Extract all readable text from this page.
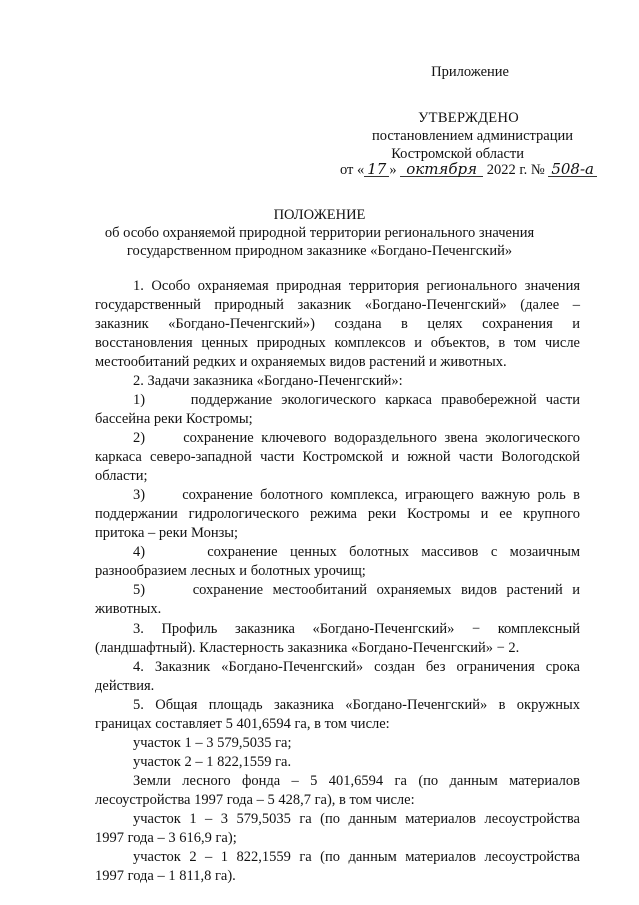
Приложение
УТВЕРЖДЕНО
постановлением администрации
Костромской области
от « 17 » октября 2022 г. № 508-а
ПОЛОЖЕНИЕ
об особо охраняемой природной территории регионального значения
государственном природном заказнике «Богдано-Печенгский»
1. Особо охраняемая природная территория регионального значения
государственный природный заказник «Богдано-Печенгский» (далее –
заказник «Богдано-Печенгский») создана в целях сохранения и
восстановления ценных природных комплексов и объектов, в том числе
местообитаний редких и охраняемых видов растений и животных.
2. Задачи заказника «Богдано-Печенгский»:
1)     поддержание экологического каркаса правобережной части
бассейна реки Костромы;
2)     сохранение ключевого водораздельного звена экологического
каркаса северо-западной части Костромской и южной части Вологодской
области;
3)     сохранение болотного комплекса, играющего важную роль в
поддержании гидрологического режима реки Костромы и ее крупного
притока – реки Монзы;
4)     сохранение ценных болотных массивов с мозаичным
разнообразием лесных и болотных урочищ;
5)     сохранение местообитаний охраняемых видов растений и
животных.
3. Профиль заказника «Богдано-Печенгский» − комплексный
(ландшафтный). Кластерность заказника «Богдано-Печенгский» − 2.
4. Заказник «Богдано-Печенгский» создан без ограничения срока
действия.
5. Общая площадь заказника «Богдано-Печенгский» в окружных
границах составляет 5 401,6594 га, в том числе:
участок 1 – 3 579,5035 га;
участок 2 – 1 822,1559 га.
Земли лесного фонда – 5 401,6594 га (по данным материалов
лесоустройства 1997 года – 5 428,7 га), в том числе:
участок 1 – 3 579,5035 га (по данным материалов лесоустройства
1997 года – 3 616,9 га);
участок 2 – 1 822,1559 га (по данным материалов лесоустройства
1997 года – 1 811,8 га).
